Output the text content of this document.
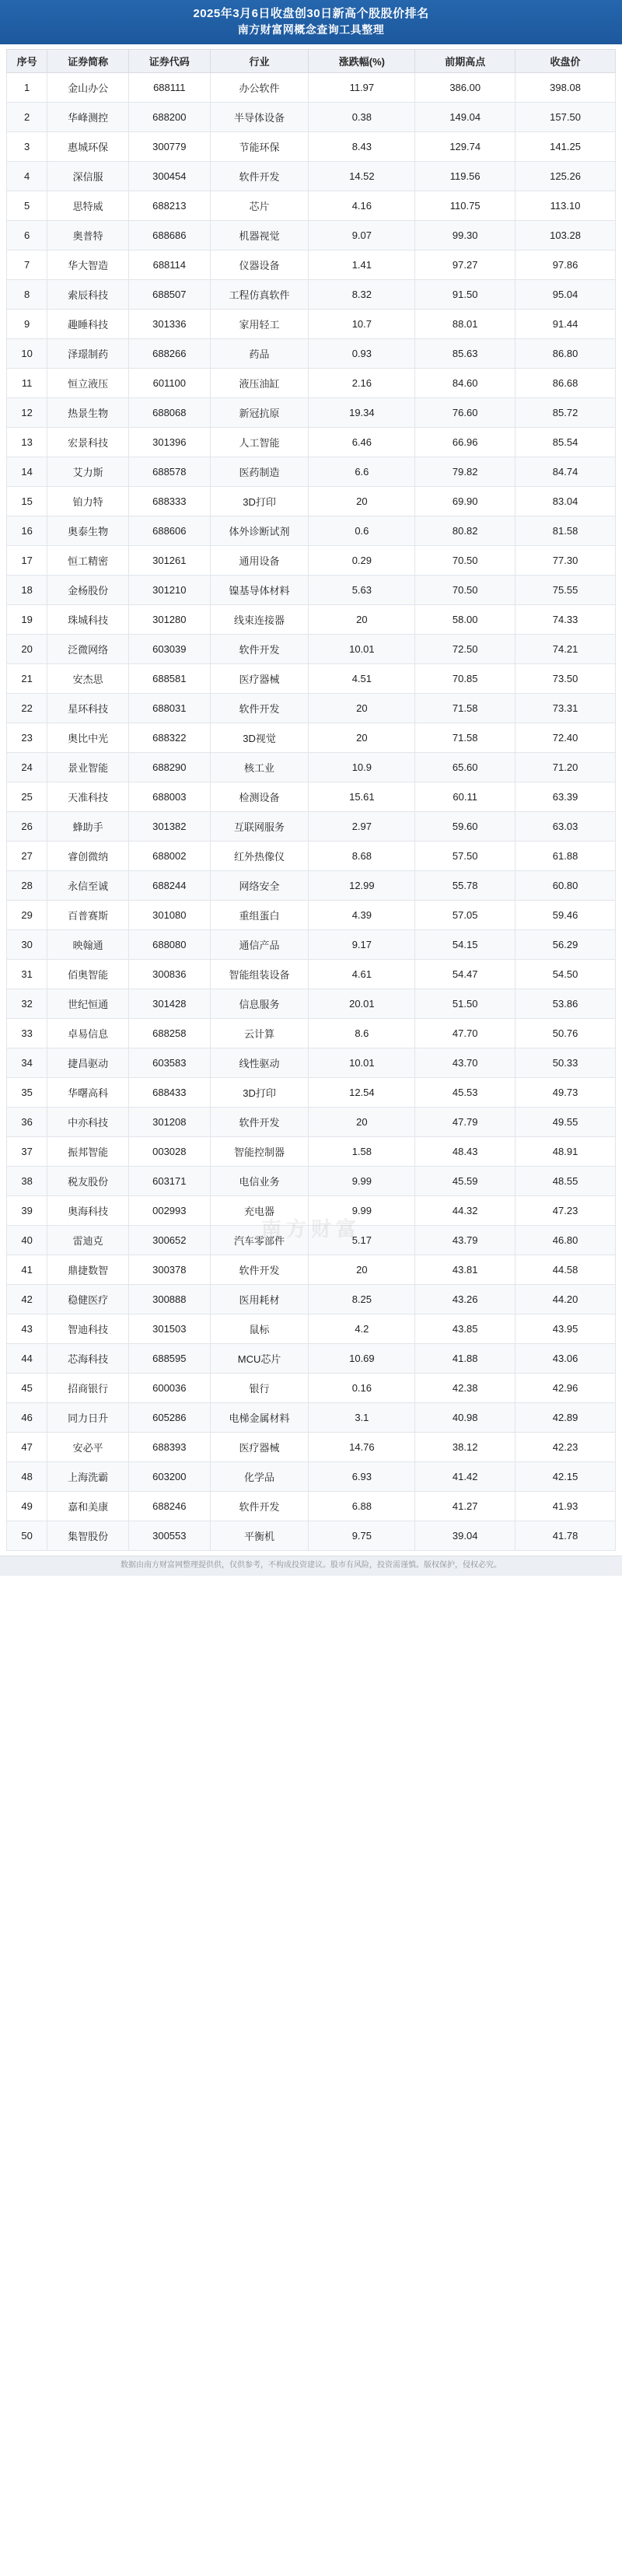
2025年3月6日收盘创30日新高个股股价排名
南方财富网概念查询工具整理
序号	证券简称	证券代码	行业	涨跌幅(%)	前期高点	收盘价
1	金山办公	688111	办公软件	11.97	386.00	398.08
2	华峰测控	688200	半导体设备	0.38	149.04	157.50
3	惠城环保	300779	节能环保	8.43	129.74	141.25
4	深信服	300454	软件开发	14.52	119.56	125.26
5	思特威	688213	芯片	4.16	110.75	113.10
6	奥普特	688686	机器视觉	9.07	99.30	103.28
7	华大智造	688114	仪器设备	1.41	97.27	97.86
8	索辰科技	688507	工程仿真软件	8.32	91.50	95.04
9	趣睡科技	301336	家用轻工	10.7	88.01	91.44
10	泽璟制药	688266	药品	0.93	85.63	86.80
11	恒立液压	601100	液压油缸	2.16	84.60	86.68
12	热景生物	688068	新冠抗原	19.34	76.60	85.72
13	宏景科技	301396	人工智能	6.46	66.96	85.54
14	艾力斯	688578	医药制造	6.6	79.82	84.74
15	铂力特	688333	3D打印	20	69.90	83.04
16	奥泰生物	688606	体外诊断试剂	0.6	80.82	81.58
17	恒工精密	301261	通用设备	0.29	70.50	77.30
18	金杨股份	301210	镍基导体材料	5.63	70.50	75.55
19	珠城科技	301280	线束连接器	20	58.00	74.33
20	泛微网络	603039	软件开发	10.01	72.50	74.21
21	安杰思	688581	医疗器械	4.51	70.85	73.50
22	星环科技	688031	软件开发	20	71.58	73.31
23	奥比中光	688322	3D视觉	20	71.58	72.40
24	景业智能	688290	核工业	10.9	65.60	71.20
25	天准科技	688003	检测设备	15.61	60.11	63.39
26	蜂助手	301382	互联网服务	2.97	59.60	63.03
27	睿创微纳	688002	红外热像仪	8.68	57.50	61.88
28	永信至诚	688244	网络安全	12.99	55.78	60.80
29	百普赛斯	301080	重组蛋白	4.39	57.05	59.46
30	映翰通	688080	通信产品	9.17	54.15	56.29
31	佰奥智能	300836	智能组装设备	4.61	54.47	54.50
32	世纪恒通	301428	信息服务	20.01	51.50	53.86
33	卓易信息	688258	云计算	8.6	47.70	50.76
34	捷昌驱动	603583	线性驱动	10.01	43.70	50.33
35	华曙高科	688433	3D打印	12.54	45.53	49.73
36	中亦科技	301208	软件开发	20	47.79	49.55
37	振邦智能	003028	智能控制器	1.58	48.43	48.91
38	税友股份	603171	电信业务	9.99	45.59	48.55
39	奥海科技	002993	充电器	9.99	44.32	47.23
40	雷迪克	300652	汽车零部件	5.17	43.79	46.80
41	鼎捷数智	300378	软件开发	20	43.81	44.58
42	稳健医疗	300888	医用耗材	8.25	43.26	44.20
43	智迪科技	301503	鼠标	4.2	43.85	43.95
44	芯海科技	688595	MCU芯片	10.69	41.88	43.06
45	招商银行	600036	银行	0.16	42.38	42.96
46	同力日升	605286	电梯金属材料	3.1	40.98	42.89
47	安必平	688393	医疗器械	14.76	38.12	42.23
48	上海洗霸	603200	化学品	6.93	41.42	42.15
49	嘉和美康	688246	软件开发	6.88	41.27	41.93
50	集智股份	300553	平衡机	9.75	39.04	41.78
数据由南方财富网整理提供供，仅供参考，不构成投资建议。股市有风险，投资需谨慎。版权保护，侵权必究。
